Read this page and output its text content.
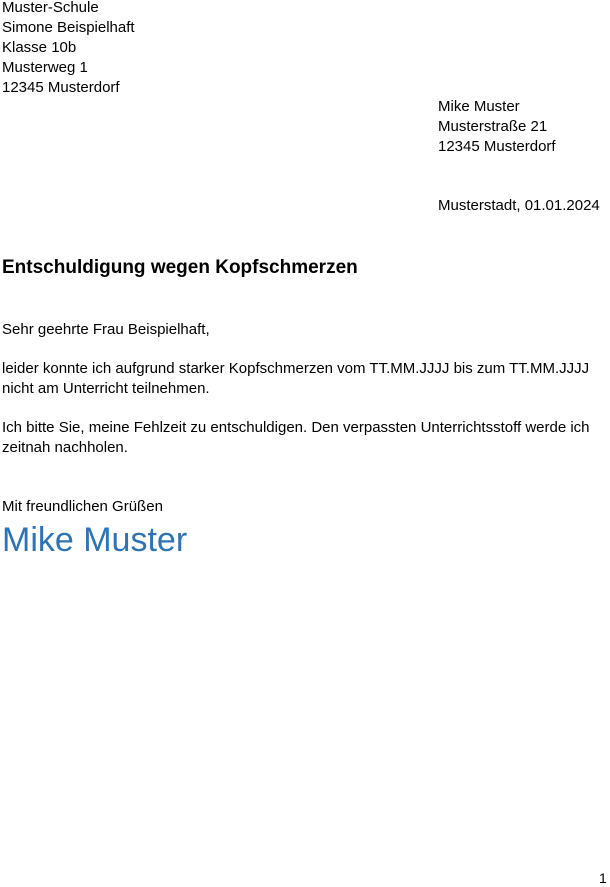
Muster-Schule
Simone Beispielhaft
Klasse 10b
Musterweg 1
12345 Musterdorf
Mike Muster
Musterstraße 21
12345 Musterdorf
Musterstadt, 01.01.2024
Entschuldigung wegen Kopfschmerzen
Sehr geehrte Frau Beispielhaft,
leider konnte ich aufgrund starker Kopfschmerzen vom TT.MM.JJJJ bis zum TT.MM.JJJJ nicht am Unterricht teilnehmen.
Ich bitte Sie, meine Fehlzeit zu entschuldigen. Den verpassten Unterrichtsstoff werde ich zeitnah nachholen.
Mit freundlichen Grüßen
Mike Muster
1
